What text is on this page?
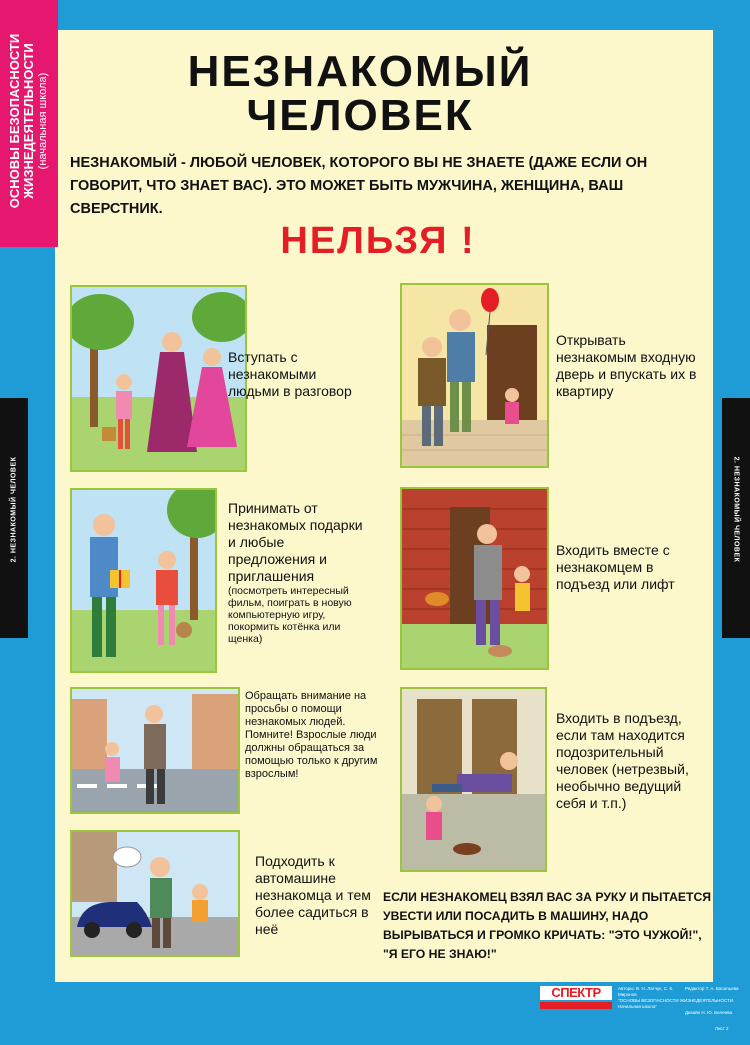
ОСНОВЫ БЕЗОПАСНОСТИ ЖИЗНЕДЕЯТЕЛЬНОСТИ (начальная школа)
2. НЕЗНАКОМЫЙ ЧЕЛОВЕК	2. НЕЗНАКОМЫЙ ЧЕЛОВЕК
НЕЗНАКОМЫЙ
ЧЕЛОВЕК
НЕЗНАКОМЫЙ - ЛЮБОЙ ЧЕЛОВЕК, КОТОРОГО ВЫ НЕ ЗНАЕТЕ (ДАЖЕ ЕСЛИ ОН ГОВОРИТ, ЧТО ЗНАЕТ ВАС). ЭТО МОЖЕТ БЫТЬ МУЖЧИНА, ЖЕНЩИНА, ВАШ СВЕРСТНИК.
НЕЛЬЗЯ !
Вступать с незнакомыми людьми в разговор
Открывать незнакомым входную дверь и впускать их в квартиру
Принимать от незнакомых подарки и любые предложения и приглашения
(посмотреть интересный фильм, поиграть в новую компьютерную игру, покормить котёнка или щенка)
Входить вместе с незнакомцем в подъезд или лифт
Обращать внимание на просьбы о помощи незнакомых людей. Помните! Взрослые люди должны обращаться за помощью только к другим взрослым!
Входить в подъезд, если там находится подозрительный человек (нетрезвый, необычно ведущий себя и т.п.)
Подходить к автомашине незнакомца и тем более садиться в неё
ЕСЛИ НЕЗНАКОМЕЦ ВЗЯЛ ВАС ЗА РУКУ И ПЫТАЕТСЯ УВЕСТИ ИЛИ ПОСАДИТЬ В МАШИНУ, НАДО ВЫРЫВАТЬСЯ И ГРОМКО КРИЧАТЬ: "ЭТО ЧУЖОЙ!", "Я ЕГО НЕ ЗНАЮ!"
СПЕКТР	Авторы: В. Н. Латчук, С. К. Миронов
"ОСНОВЫ БЕЗОПАСНОСТИ ЖИЗНЕДЕЯТЕЛЬНОСТИ. Начальная школа"
Редактор Т. А. Васильева
Дизайн Н. Ю. Белеева
Лист 2
